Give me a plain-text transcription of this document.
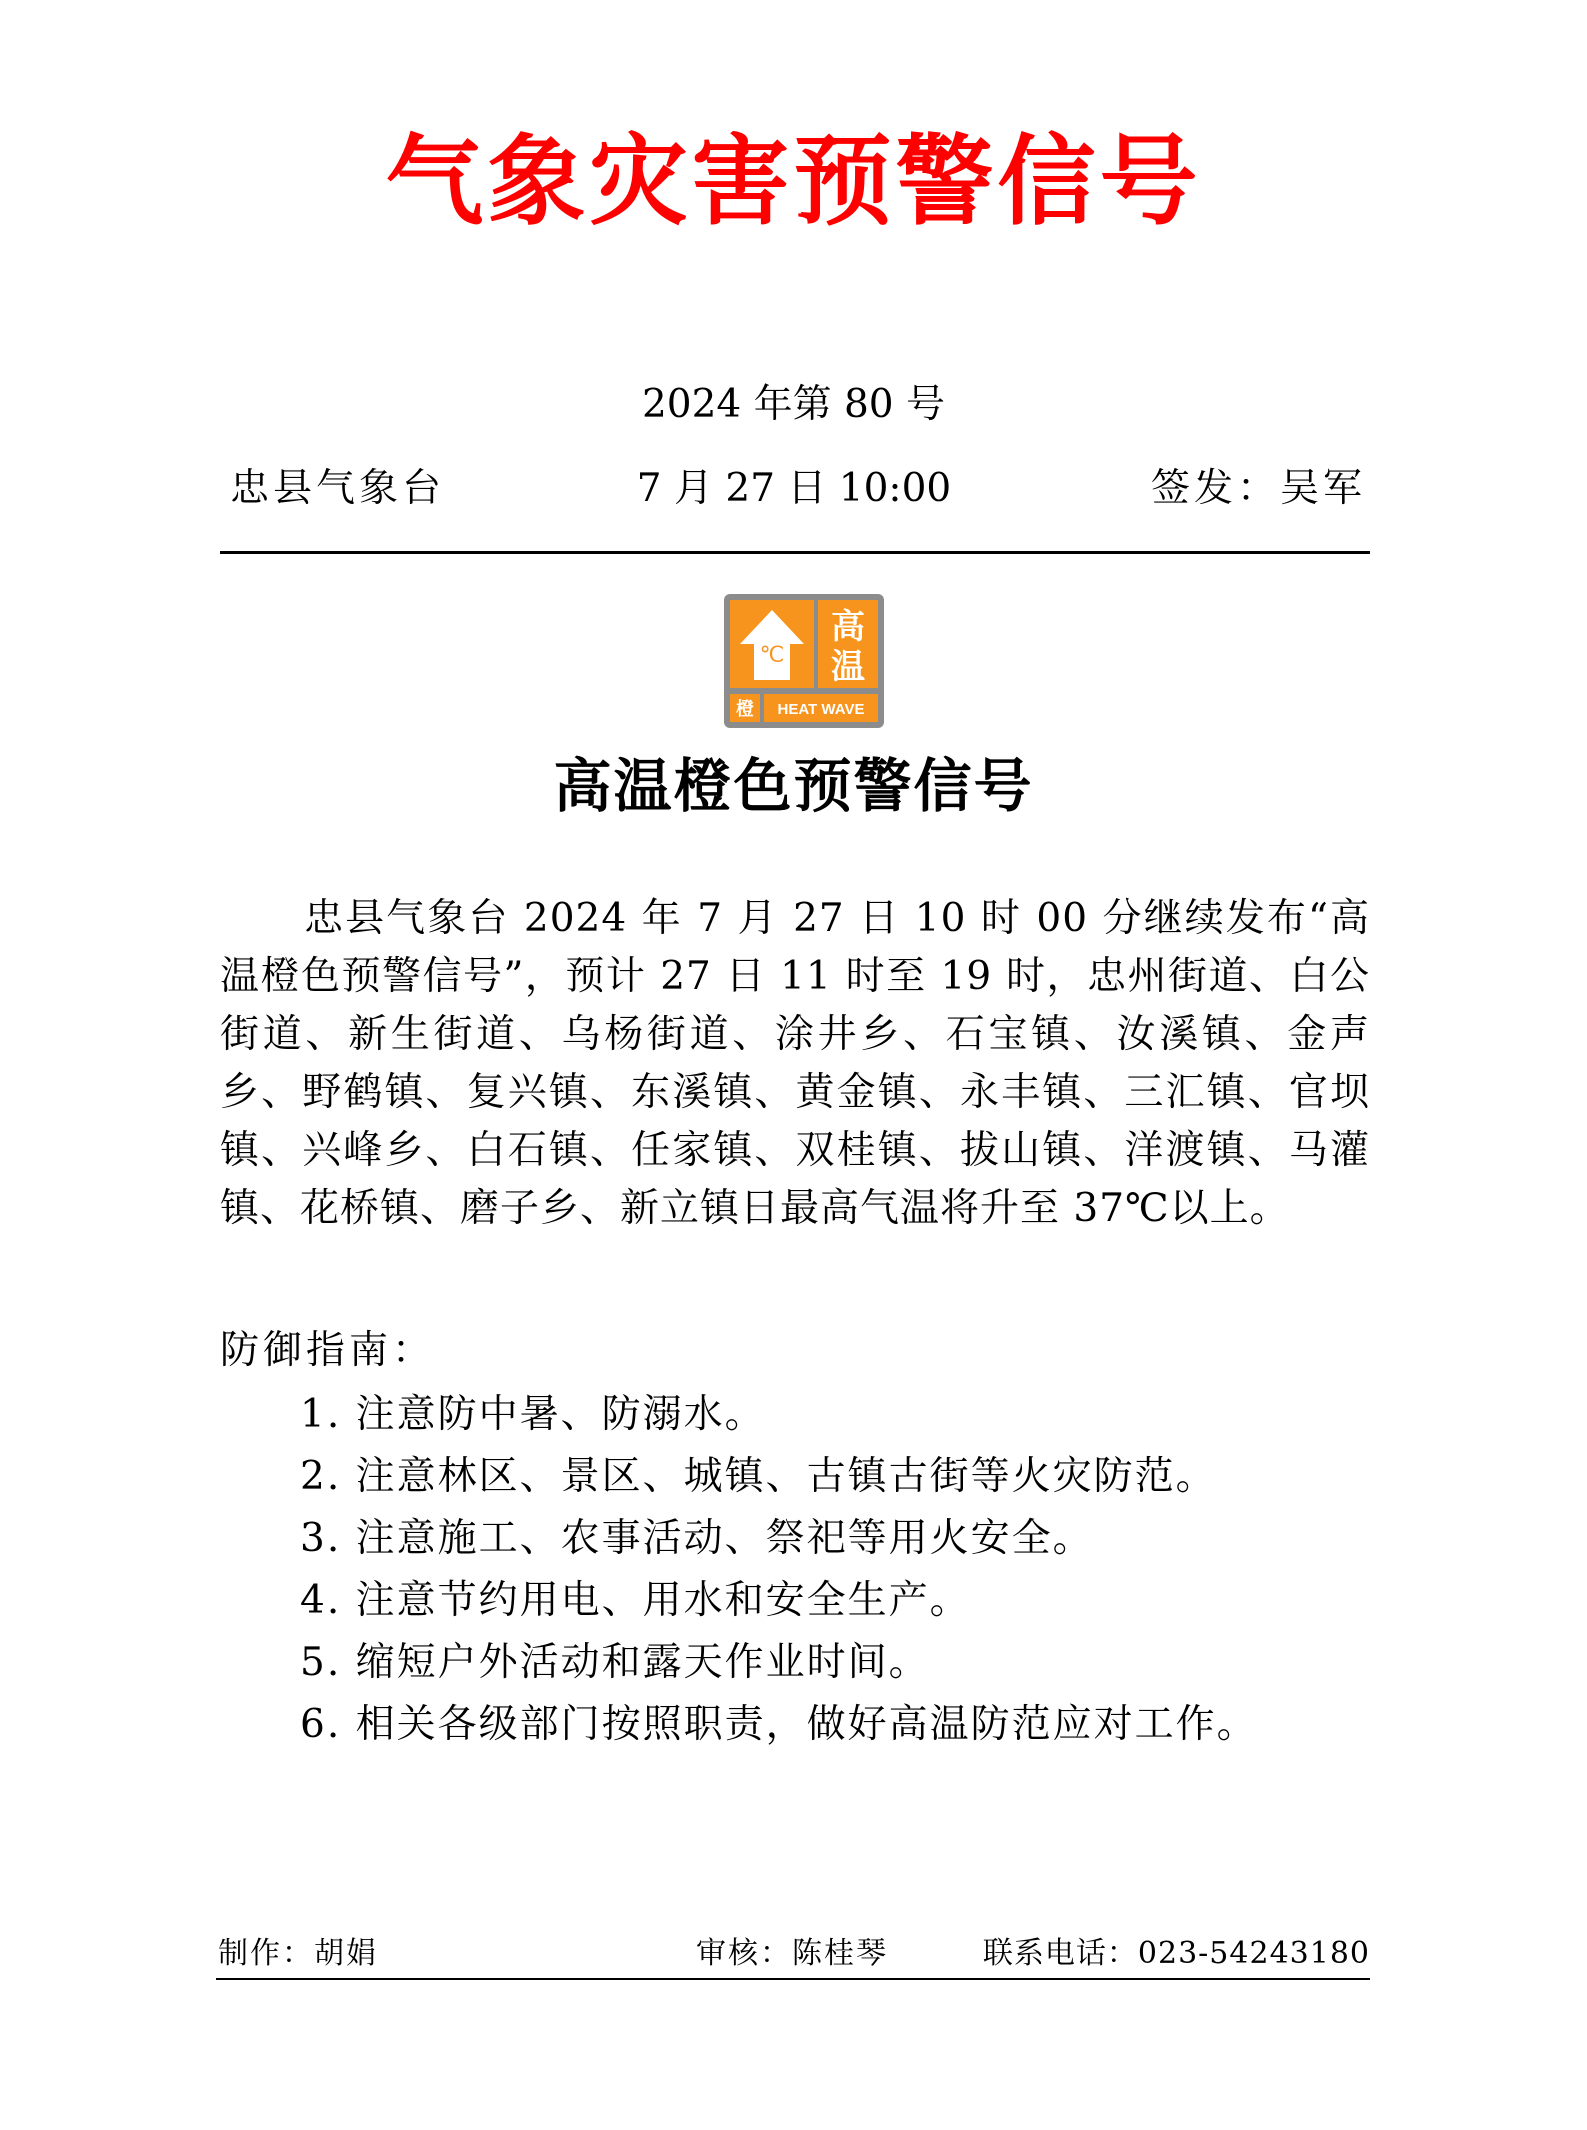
气象灾害预警信号
2024 年第 80 号
忠县气象台	7 月 27 日 10:00	签发：吴军
℃
高
温
橙 HEAT WAVE
高温橙色预警信号

忠县气象台 2024 年 7 月 27 日 10 时 00 分继续发布“高温橙色预警信号”，预计 27 日 11 时至 19 时，忠州街道、白公街道、新生街道、乌杨街道、涂井乡、石宝镇、汝溪镇、金声乡、野鹤镇、复兴镇、东溪镇、黄金镇、永丰镇、三汇镇、官坝镇、兴峰乡、白石镇、任家镇、双桂镇、拔山镇、洋渡镇、马灌镇、花桥镇、磨子乡、新立镇日最高气温将升至 37℃以上。

防御指南：
1. 注意防中暑、防溺水。
2. 注意林区、景区、城镇、古镇古街等火灾防范。
3. 注意施工、农事活动、祭祀等用火安全。
4. 注意节约用电、用水和安全生产。
5. 缩短户外活动和露天作业时间。
6. 相关各级部门按照职责，做好高温防范应对工作。
制作：胡娟	审核：陈桂琴	联系电话：023-54243180
